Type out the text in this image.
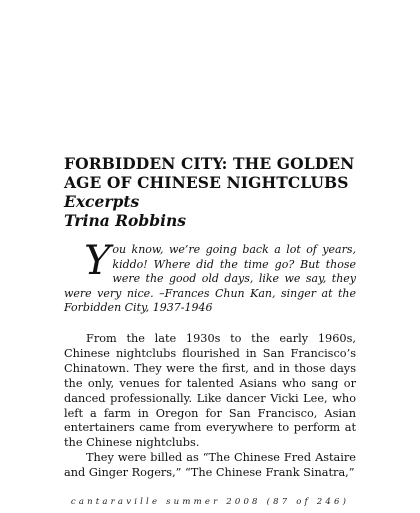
FORBIDDEN CITY: THE GOLDEN
AGE OF CHINESE NIGHTCLUBS
Excerpts
Trina Robbins
Y ou know, we’re going back a lot of years, kiddo! Where did the time go? But those were the good old days, like we say, they were very nice. –Frances Chun Kan, singer at the Forbidden City, 1937-1946

From the late 1930s to the early 1960s, Chinese nightclubs flourished in San Francisco’s Chinatown. They were the first, and in those days the only, venues for talented Asians who sang or danced professionally. Like dancer Vicki Lee, who left a farm in Oregon for San Francisco, Asian entertainers came from everywhere to perform at the Chinese nightclubs.

They were billed as “The Chinese Fred Astaire and Ginger Rogers,” “The Chinese Frank Sinatra,”

cantaraville summer 2008 (87 of 246)
